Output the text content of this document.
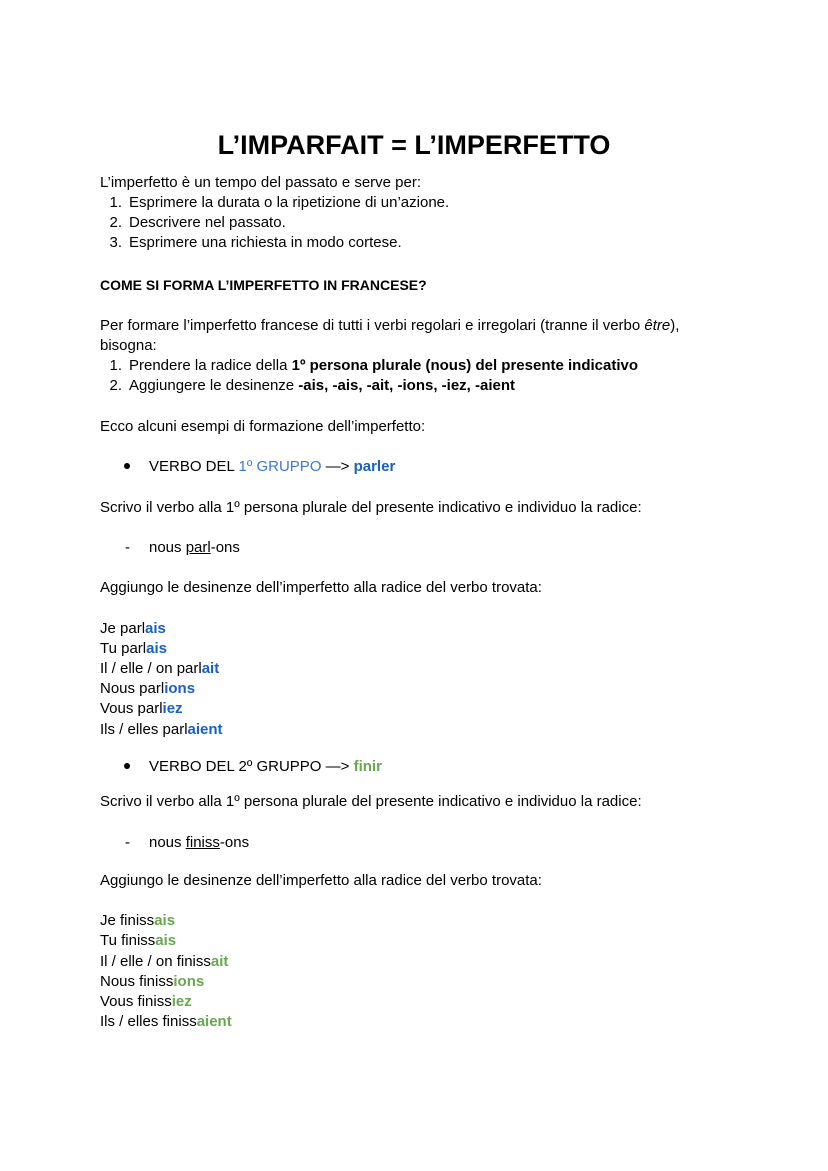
L’IMPARFAIT = L’IMPERFETTO
L’imperfetto è un tempo del passato e serve per:
1. Esprimere la durata o la ripetizione di un’azione.
2. Descrivere nel passato.
3. Esprimere una richiesta in modo cortese.
COME SI FORMA L’IMPERFETTO IN FRANCESE?
Per formare l’imperfetto francese di tutti i verbi regolari e irregolari (tranne il verbo être),
bisogna:
1. Prendere la radice della 1º persona plurale (nous) del presente indicativo
2. Aggiungere le desinenze -ais, -ais, -ait, -ions, -iez, -aient
Ecco alcuni esempi di formazione dell’imperfetto:
VERBO DEL 1º GRUPPO —> parler
Scrivo il verbo alla 1º persona plurale del presente indicativo e individuo la radice:
- nous parl-ons
Aggiungo le desinenze dell’imperfetto alla radice del verbo trovata:
Je parlais
Tu parlais
Il / elle / on parlait
Nous parlions
Vous parliez
Ils / elles parlaient
VERBO DEL 2º GRUPPO —> finir
Scrivo il verbo alla 1º persona plurale del presente indicativo e individuo la radice:
- nous finiss-ons
Aggiungo le desinenze dell’imperfetto alla radice del verbo trovata:
Je finissais
Tu finissais
Il / elle / on finissait
Nous finissions
Vous finissiez
Ils / elles finissaient
